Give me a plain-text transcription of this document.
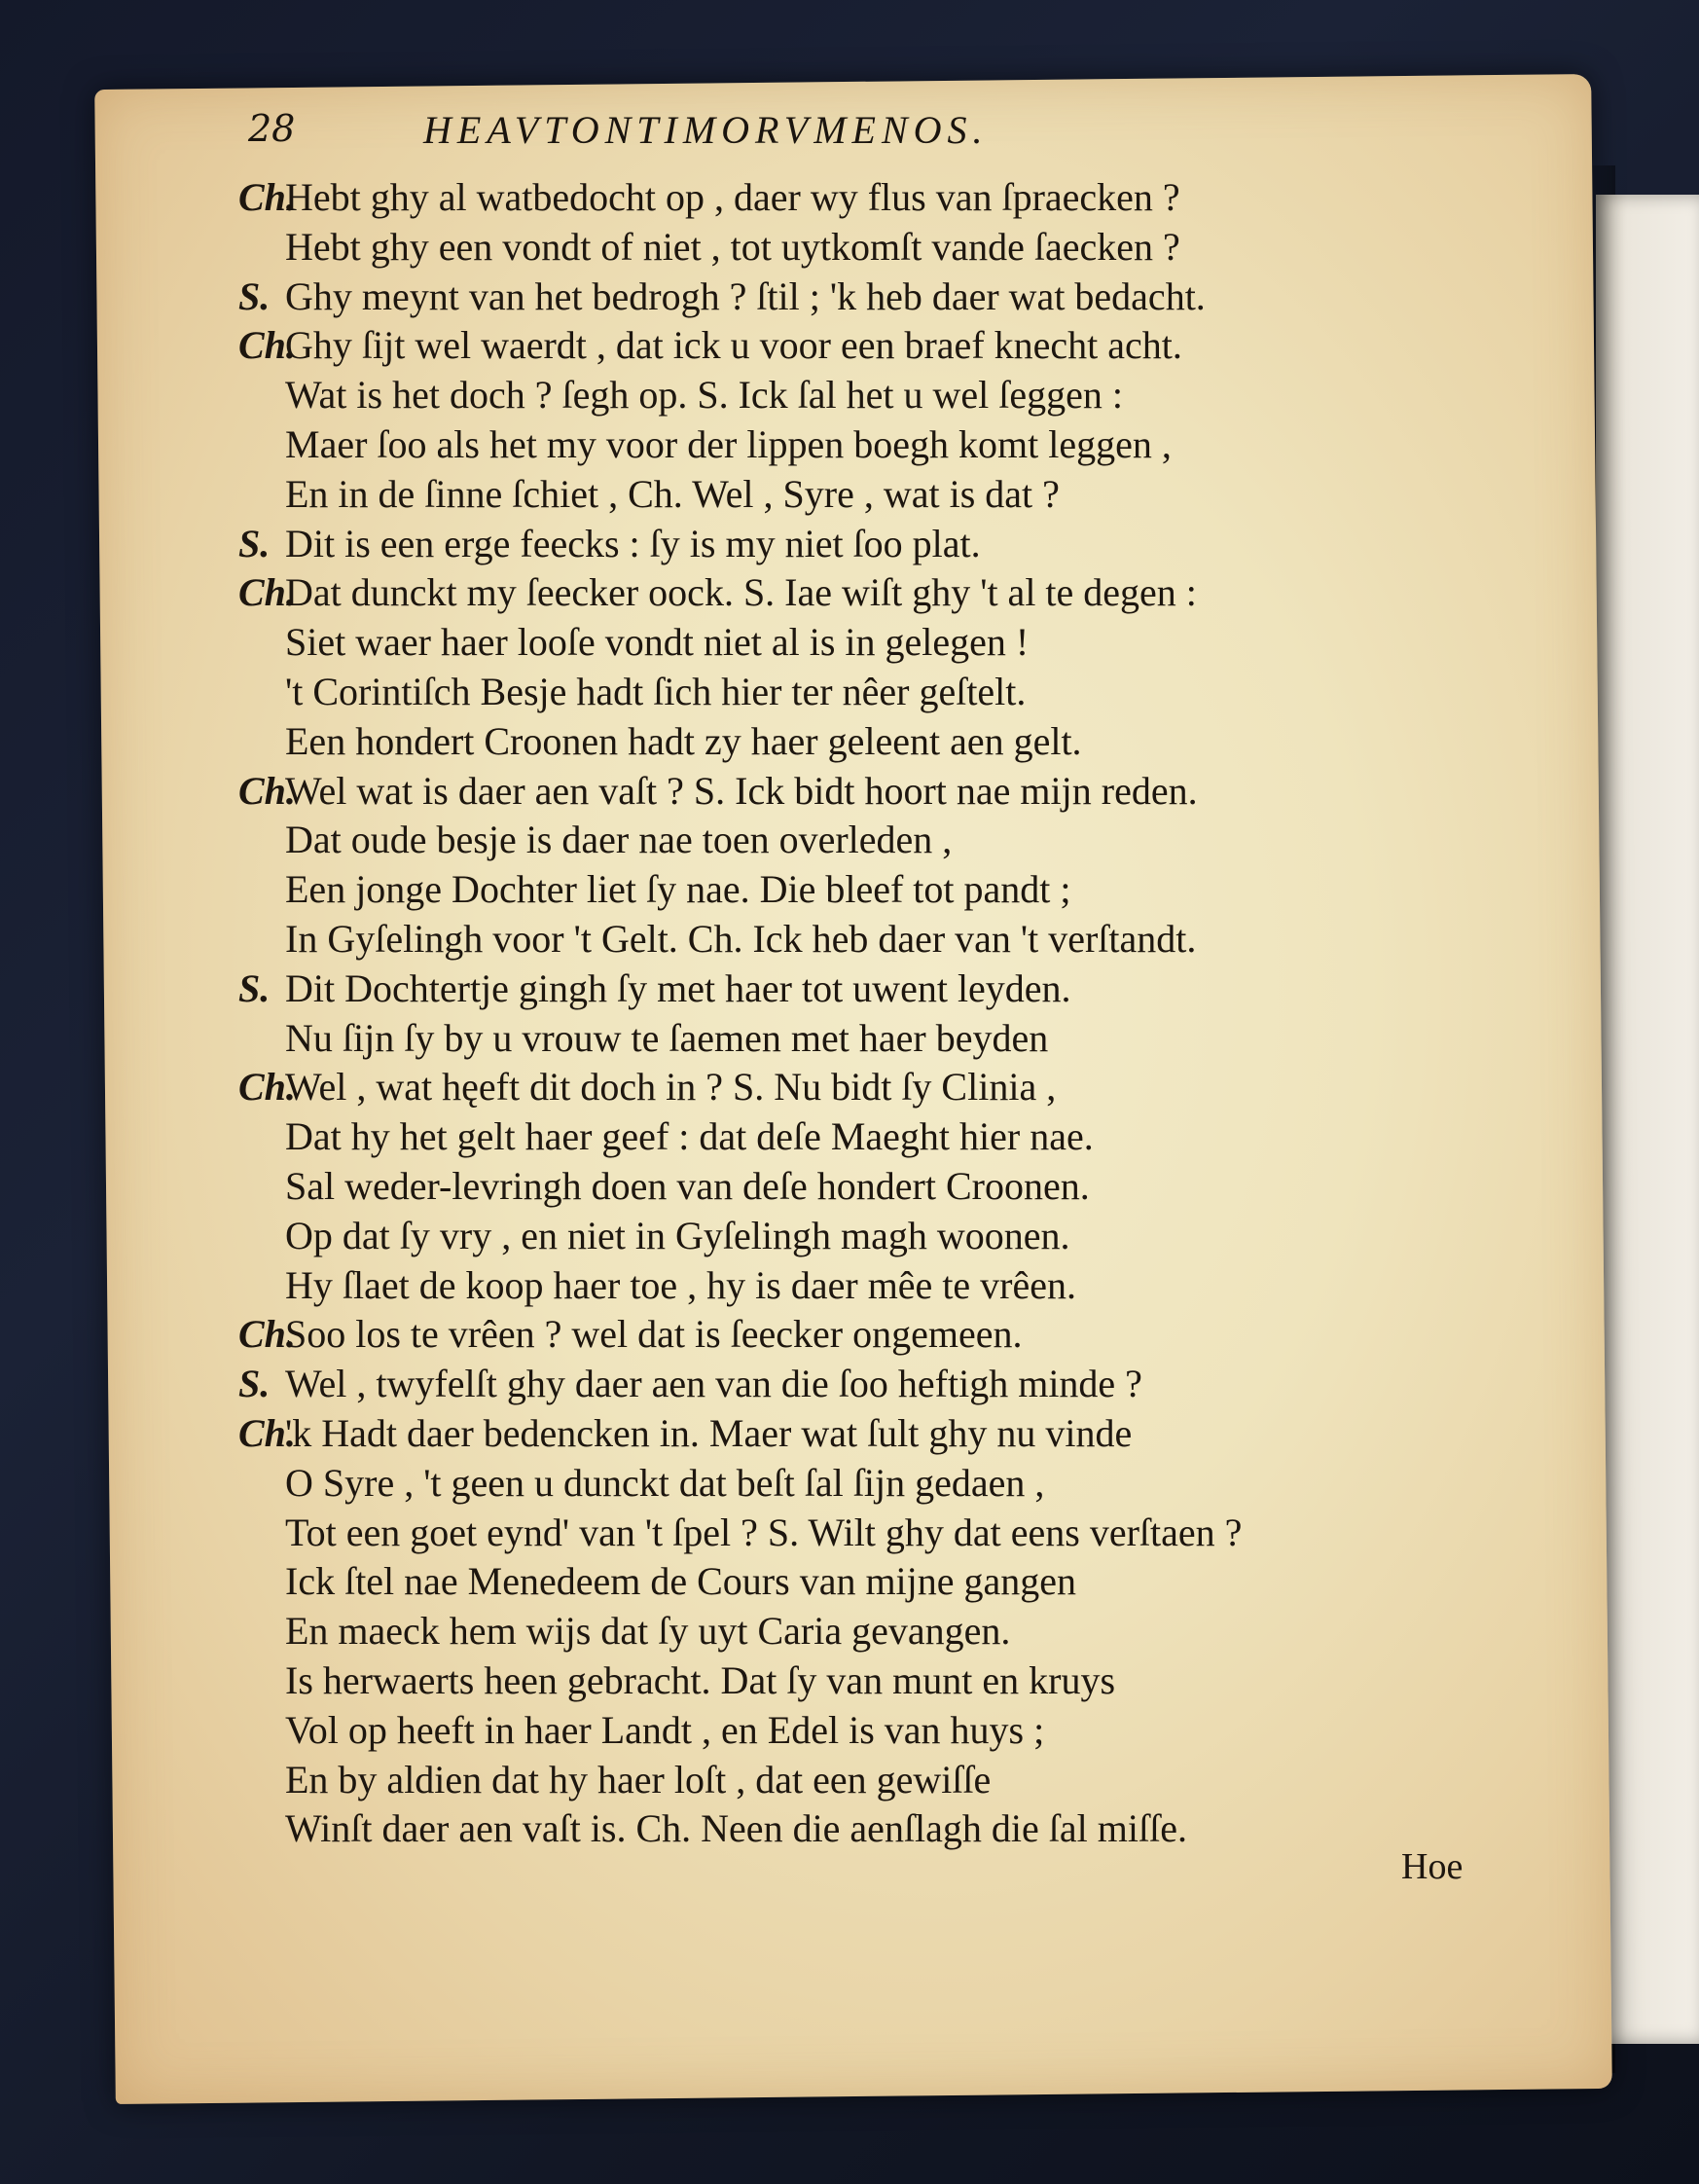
28	HEAVTONTIMORVMENOS.
Ch.Hebt ghy al watbedocht op , daer wy flus van ſpraecken ?
Hebt ghy een vondt of niet , tot uytkomſt vande ſaecken ?
S. Ghy meynt van het bedrogh ? ſtil ; 'k heb daer wat bedacht.
Ch.Ghy ſijt wel waerdt , dat ick u voor een braef knecht acht.
Wat is het doch ? ſegh op. S. Ick ſal het u wel ſeggen :
Maer ſoo als het my voor der lippen boegh komt leggen ,
En in de ſinne ſchiet , Ch. Wel , Syre , wat is dat ?
S. Dit is een erge feecks : ſy is my niet ſoo plat.
Ch.Dat dunckt my ſeecker oock. S. Iae wiſt ghy 't al te degen :
Siet waer haer looſe vondt niet al is in gelegen !
't Corintiſch Besje hadt ſich hier ter nêer geſtelt.
Een hondert Croonen hadt zy haer geleent aen gelt.
Ch.Wel wat is daer aen vaſt ? S. Ick bidt hoort nae mijn reden.
Dat oude besje is daer nae toen overleden ,
Een jonge Dochter liet ſy nae. Die bleef tot pandt ;
In Gyſelingh voor 't Gelt. Ch. Ick heb daer van 't verſtandt.
S. Dit Dochtertje gingh ſy met haer tot uwent leyden.
Nu ſijn ſy by u vrouw te ſaemen met haer beyden
Ch.Wel , wat hęeft dit doch in ? S. Nu bidt ſy Clinia ,
Dat hy het gelt haer geef : dat deſe Maeght hier nae.
Sal weder-levringh doen van deſe hondert Croonen.
Op dat ſy vry , en niet in Gyſelingh magh woonen.
Hy ſlaet de koop haer toe , hy is daer mêe te vrêen.
Ch.Soo los te vrêen ? wel dat is ſeecker ongemeen.
S. Wel , twyfelſt ghy daer aen van die ſoo heftigh minde ?
Ch.'k Hadt daer bedencken in. Maer wat ſult ghy nu vinde
O Syre , 't geen u dunckt dat beſt ſal ſijn gedaen ,
Tot een goet eynd' van 't ſpel ? S. Wilt ghy dat eens verſtaen ?
Ick ſtel nae Menedeem de Cours van mijne gangen
En maeck hem wijs dat ſy uyt Caria gevangen.
Is herwaerts heen gebracht. Dat ſy van munt en kruys
Vol op heeft in haer Landt , en Edel is van huys ;
En by aldien dat hy haer loſt , dat een gewiſſe
Winſt daer aen vaſt is. Ch. Neen die aenſlagh die ſal miſſe.
Hoe
